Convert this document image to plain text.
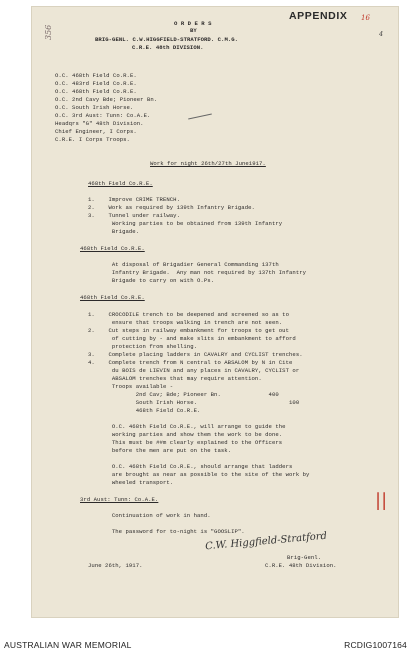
APPENDIX 16
4
356
O R D E R S
BY
BRIG-GENL. C.W.HIGGFIELD-STRATFORD. C.M.G.
C.R.E. 48th DIVISION.
O.C. 468th Field Co.R.E.
O.C. 483rd Field Co.R.E.
O.C. 468th Field Co.R.E.
O.C. 2nd Cavy Bde; Pioneer Bn.
O.C. South Irish Horse.
O.C. 3rd Aust: Tunn: Co.A.E.
Headqrs "G" 48th Division.
Chief Engineer, I Corps.
C.R.E. I Corps Troops.
Work for night 26th/27th June1917.
468th Field Co.R.E.
1.    Improve CRIME TRENCH.
2.    Work as required by 139th Infantry Brigade.
3.    Tunnel under railway.
Working parties to be obtained from 139th Infantry
Brigade.
468th Field Co.R.E.
At disposal of Brigadier General Commanding 137th
Infantry Brigade.  Any man not required by 137th Infantry
Brigade to carry on with O.Ps.
468th Field Co.R.E.
1.    CROCODILE trench to be deepened and screened so as to
ensure that troops walking in trench are not seen.
2.    Cut steps in railway embankment for troops to get out
of cutting by - and make slits in embankment to afford
protection from shelling.
3.    Complete placing ladders in CAVALRY and CYCLIST trenches.
4.    Complete trench from N central to ABSALOM by N in Cite
du BOIS de LIEVIN and any places in CAVALRY, CYCLIST or
ABSALOM trenches that may require attention.
Troops available -
2nd Cav; Bde; Pioneer Bn.              400
South Irish Horse.                           100
468th Field Co.R.E.
O.C. 468th Field Co.R.E., will arrange to guide the
working parties and show them the work to be done.
This must be ##m clearly explained to the Officers
before the men are put on the task.
O.C. 468th Field Co.R.E., should arrange that ladders
are brought as near as possible to the site of the work by
wheeled transport.
||
3rd Aust: Tunn: Co.A.E.
Continuation of work in hand.
The password for to-night is "GOOSLIP".
C.W. Higgfield-Stratford
Brig-Genl.
June 26th, 1917.	C.R.E. 48th Division.
AUSTRALIAN WAR MEMORIAL	RCDIG1007164
